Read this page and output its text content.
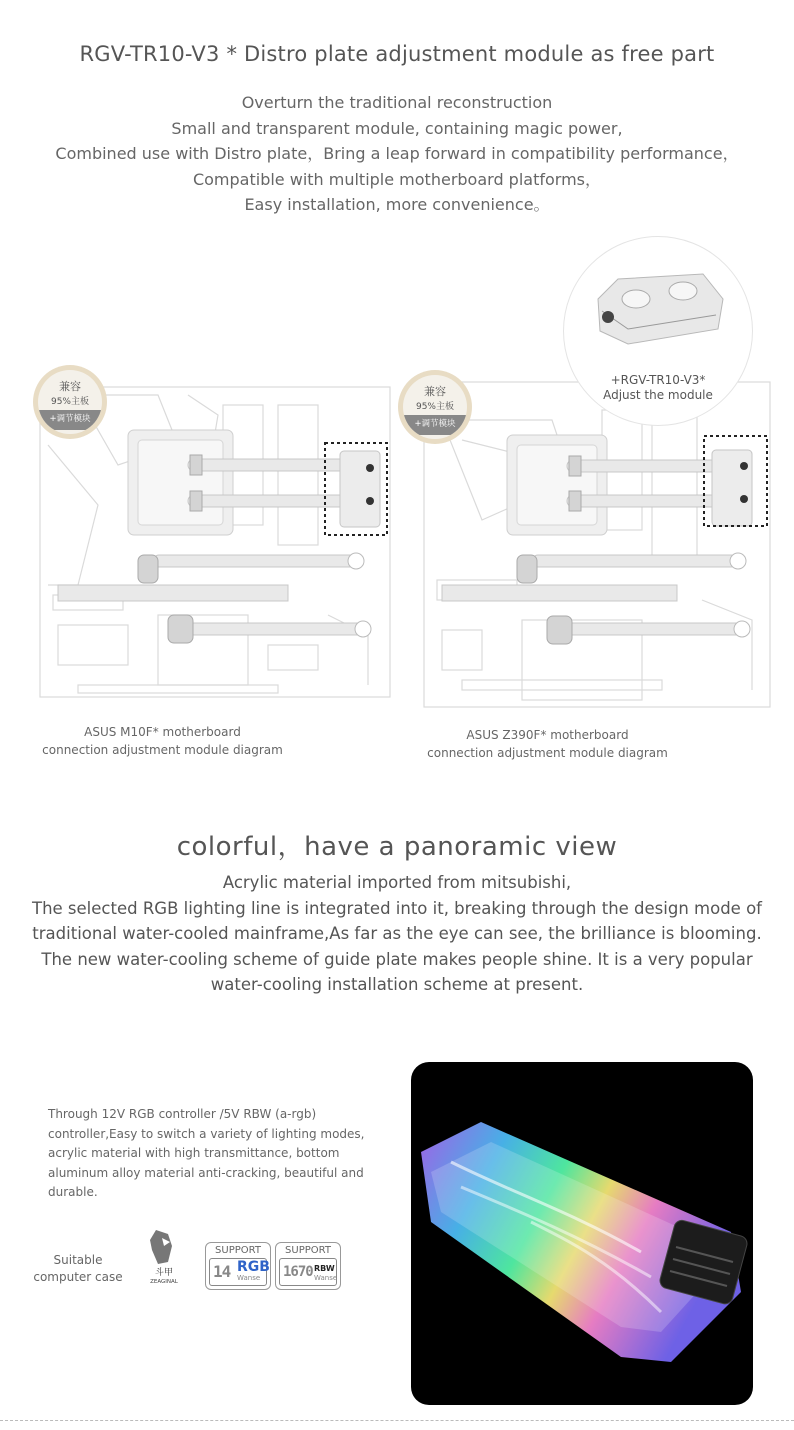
RGV-TR10-V3 * Distro plate adjustment module as free part
Overturn the traditional reconstruction
Small and transparent module, containing magic power,
Combined use with Distro plate，Bring a leap forward in compatibility performance，
Compatible with multiple motherboard platforms，
Easy installation, more convenience。
兼容
95%主板
+调节模块
ASUS M10F* motherboard
connection adjustment module diagram
兼容
95%主板
+调节模块
+RGV-TR10-V3*
Adjust the module
ASUS Z390F* motherboard
connection adjustment module diagram
colorful，have a panoramic view
Acrylic material imported from mitsubishi,
The selected RGB lighting line is integrated into it, breaking through the design mode of
traditional water-cooled mainframe,As far as the eye can see, the brilliance is blooming.
The new water-cooling scheme of guide plate makes people shine. It is a very popular
water-cooling installation scheme at present.
Through 12V RGB controller /5V RBW (a-rgb) controller,Easy to switch a variety of lighting modes, acrylic material with high transmittance, bottom aluminum alloy material anti-cracking, beautiful and durable.
Suitable
computer case	斗甲
ZEAGINAL
SUPPORT
14 RGB
Wanse
SUPPORT
1670 RBW
Wanse
